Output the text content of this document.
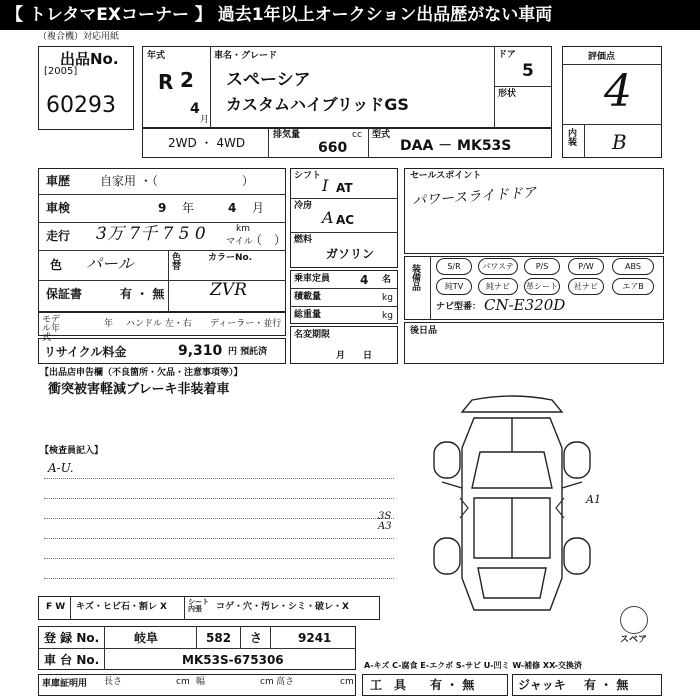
【 トレタマEXコーナー 】 過去1年以上オークション出品歴がない車両
（複合機）対応用紙
出品No.
[2005]
60293
年式
R 2
4
月
車名・グレード
スペーシア
カスタムハイブリッドGS
ドア
5
形状
評価点
4
内装 B
2WD ・ 4WD
排気量
660
cc 型式
DAA － MK53S
車歴 自家用 ・（　　　　　　　）
車検	9 年	4 月
走行 3万 7千 7 5 0	km
マイル
（　）
色 パール	色替
カラーNo.
ZVR
保証書	有 ・ 無
モデル年式
年 ハンドル 左・右 ディーラー・並行
リサイクル料金	9,310 円 預託済
シフト I AT
冷房
A AC
燃料
ガソリン
乗車定員 4 名
積載量	kg
総重量	kg
名変期限
月　　日
セールスポイント
パワースライドドア
装備品
S/R	パワステ	P/S	P/W	ABS
純TV	純ナビ	革シート	社ナビ	エアB
ナビ型番： CN-E320D
後日品
【出品店申告欄（不良箇所・欠品・注意事項等）】
衝突被害軽減ブレーキ非装着車
【検査員記入】
A-U.
3S A3
A1
スペア
F W キズ・ヒビ石・割レ X	シート内張	コゲ・穴・汚レ・シミ・破レ・X
登 録 No.	岐阜	582 さ	9241
車 台 No.	MK53S-675306	A-キズ C-腐食 E-エクボ S-サビ U-凹ミ W-補修 XX-交換済
車庫証明用 長さ	cm 幅	cm 高さ	cm 工　具 有 ・ 無	ジャッキ 有 ・ 無
